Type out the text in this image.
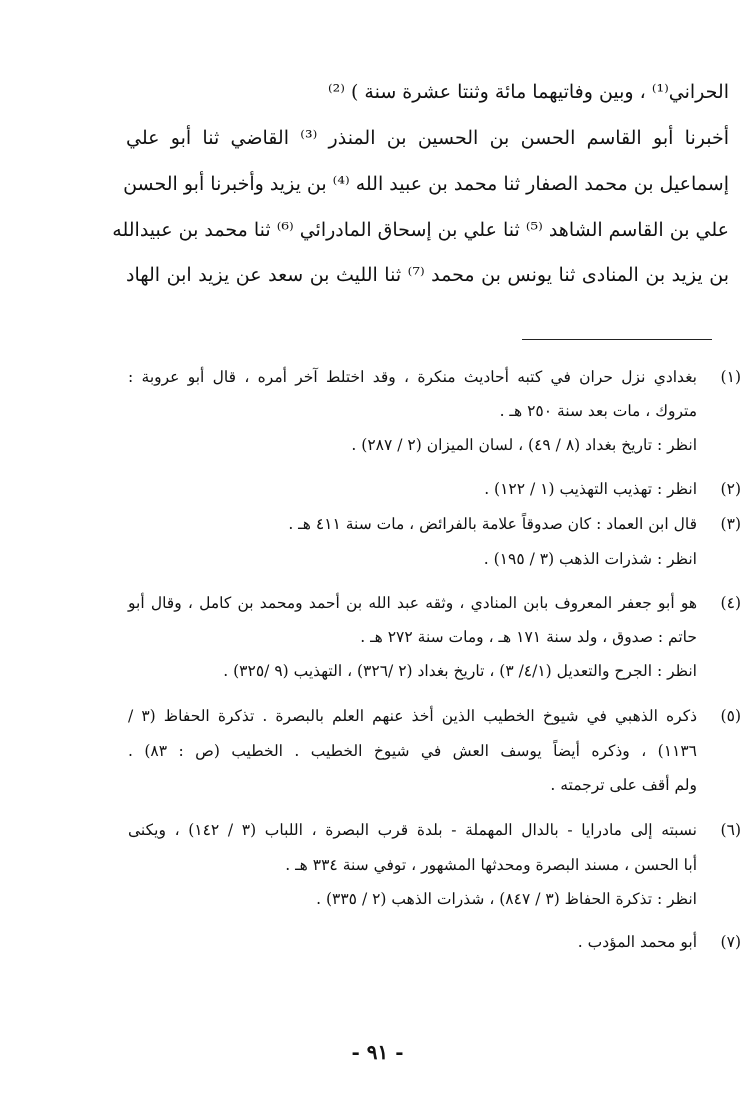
الحراني⁽¹⁾ ، وبين وفاتيهما مائة وثنتا عشرة سنة ) ⁽²⁾
أخبرنا أبو القاسم الحسن بن الحسين بن المنذر ⁽³⁾ القاضي ثنا أبو علي
إسماعيل بن محمد الصفار ثنا محمد بن عبيد الله ⁽⁴⁾ بن يزيد وأخبرنا أبو الحسن
علي بن القاسم الشاهد ⁽⁵⁾ ثنا علي بن إسحاق المادرائي ⁽⁶⁾ ثنا محمد بن عبيدالله
بن يزيد بن المنادى ثنا يونس بن محمد ⁽⁷⁾ ثنا الليث بن سعد عن يزيد ابن الهاد
(١)
بغدادي نزل حران في كتبه أحاديث منكرة ، وقد اختلط آخر أمره ، قال أبو عروبة :
متروك ، مات بعد سنة ٢٥٠ هـ .
انظر : تاريخ بغداد (٨ / ٤٩) ، لسان الميزان (٢ / ٢٨٧) .
(٢)
انظر : تهذيب التهذيب (١ / ١٢٢) .
(٣)
قال ابن العماد : كان صدوقاً علامة بالفرائض ، مات سنة ٤١١ هـ .
انظر : شذرات الذهب (٣ / ١٩٥) .
(٤)
هو أبو جعفر المعروف بابن المنادي ، وثقه عبد الله بن أحمد ومحمد بن كامل ، وقال أبو
حاتم : صدوق ، ولد سنة ١٧١ هـ ، ومات سنة ٢٧٢ هـ .
انظر : الجرح والتعديل (٤/١/ ٣) ، تاريخ بغداد (٢ /٣٢٦) ، التهذيب (٩ /٣٢٥) .
(٥)
ذكره الذهبي في شيوخ الخطيب الذين أخذ عنهم العلم بالبصرة . تذكرة الحفاظ (٣ /
١١٣٦) ، وذكره أيضاً يوسف العش في شيوخ الخطيب . الخطيب (ص : ٨٣) .
ولم أقف على ترجمته .
(٦)
نسبته إلى مادرايا - بالدال المهملة - بلدة قرب البصرة ، اللباب (٣ / ١٤٢) ، ويكنى
أبا الحسن ، مسند البصرة ومحدثها المشهور ، توفي سنة ٣٣٤ هـ .
انظر : تذكرة الحفاظ (٣ / ٨٤٧) ، شذرات الذهب (٢ / ٣٣٥) .
(٧)
أبو محمد المؤدب .
- ٩١ -
